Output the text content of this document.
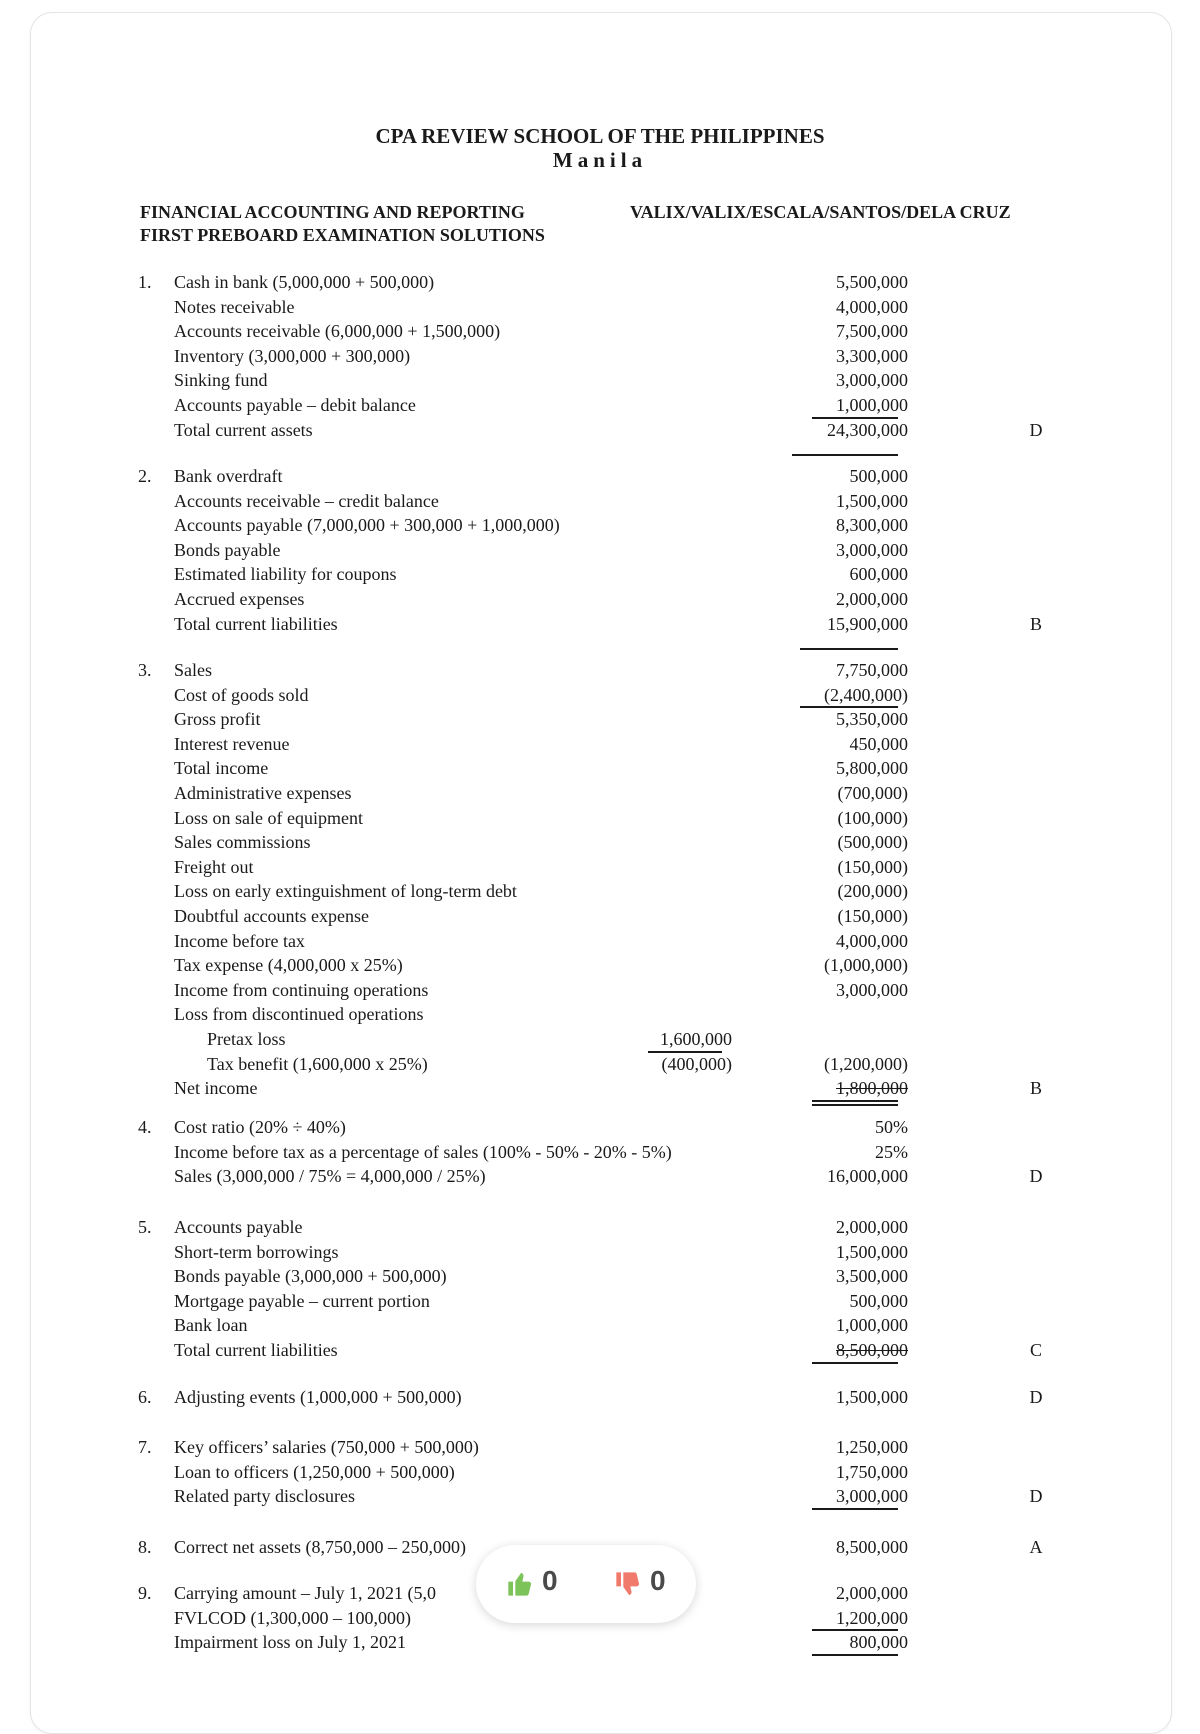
CPA REVIEW SCHOOL OF THE PHILIPPINES
Manila
FINANCIAL ACCOUNTING AND REPORTING
FIRST PREBOARD EXAMINATION SOLUTIONS
VALIX/VALIX/ESCALA/SANTOS/DELA CRUZ
1. Cash in bank (5,000,000 + 500,000)	5,500,000
Notes receivable	4,000,000
Accounts receivable (6,000,000 + 1,500,000)	7,500,000
Inventory (3,000,000 + 300,000)	3,300,000
Sinking fund	3,000,000
Accounts payable – debit balance	1,000,000
Total current assets	24,300,000	D
2. Bank overdraft	500,000
Accounts receivable – credit balance	1,500,000
Accounts payable (7,000,000 + 300,000 + 1,000,000)	8,300,000
Bonds payable	3,000,000
Estimated liability for coupons	600,000
Accrued expenses	2,000,000
Total current liabilities	15,900,000	B
3. Sales	7,750,000
Cost of goods sold	(2,400,000)
Gross profit	5,350,000
Interest revenue	450,000
Total income	5,800,000
Administrative expenses	(700,000)
Loss on sale of equipment	(100,000)
Sales commissions	(500,000)
Freight out	(150,000)
Loss on early extinguishment of long-term debt	(200,000)
Doubtful accounts expense	(150,000)
Income before tax	4,000,000
Tax expense (4,000,000 x 25%)	(1,000,000)
Income from continuing operations	3,000,000
Loss from discontinued operations
Pretax loss	1,600,000
Tax benefit (1,600,000 x 25%)	(400,000)	(1,200,000)
Net income	1,800,000	B
4. Cost ratio (20% ÷ 40%)	50%
Income before tax as a percentage of sales (100% - 50% - 20% - 5%)	25%
Sales (3,000,000 / 75% = 4,000,000 / 25%)	16,000,000	D
5. Accounts payable	2,000,000
Short-term borrowings	1,500,000
Bonds payable (3,000,000 + 500,000)	3,500,000
Mortgage payable – current portion	500,000
Bank loan	1,000,000
Total current liabilities	8,500,000	C
6. Adjusting events (1,000,000 + 500,000)	1,500,000	D
7. Key officers’ salaries (750,000 + 500,000)	1,250,000
Loan to officers (1,250,000 + 500,000)	1,750,000
Related party disclosures	3,000,000	D
8. Correct net assets (8,750,000 – 250,000)	8,500,000	A
9. Carrying amount – July 1, 2021 (5,0	2,000,000
FVLCOD (1,300,000 – 100,000)	1,200,000
Impairment loss on July 1, 2021	800,000
0	0
